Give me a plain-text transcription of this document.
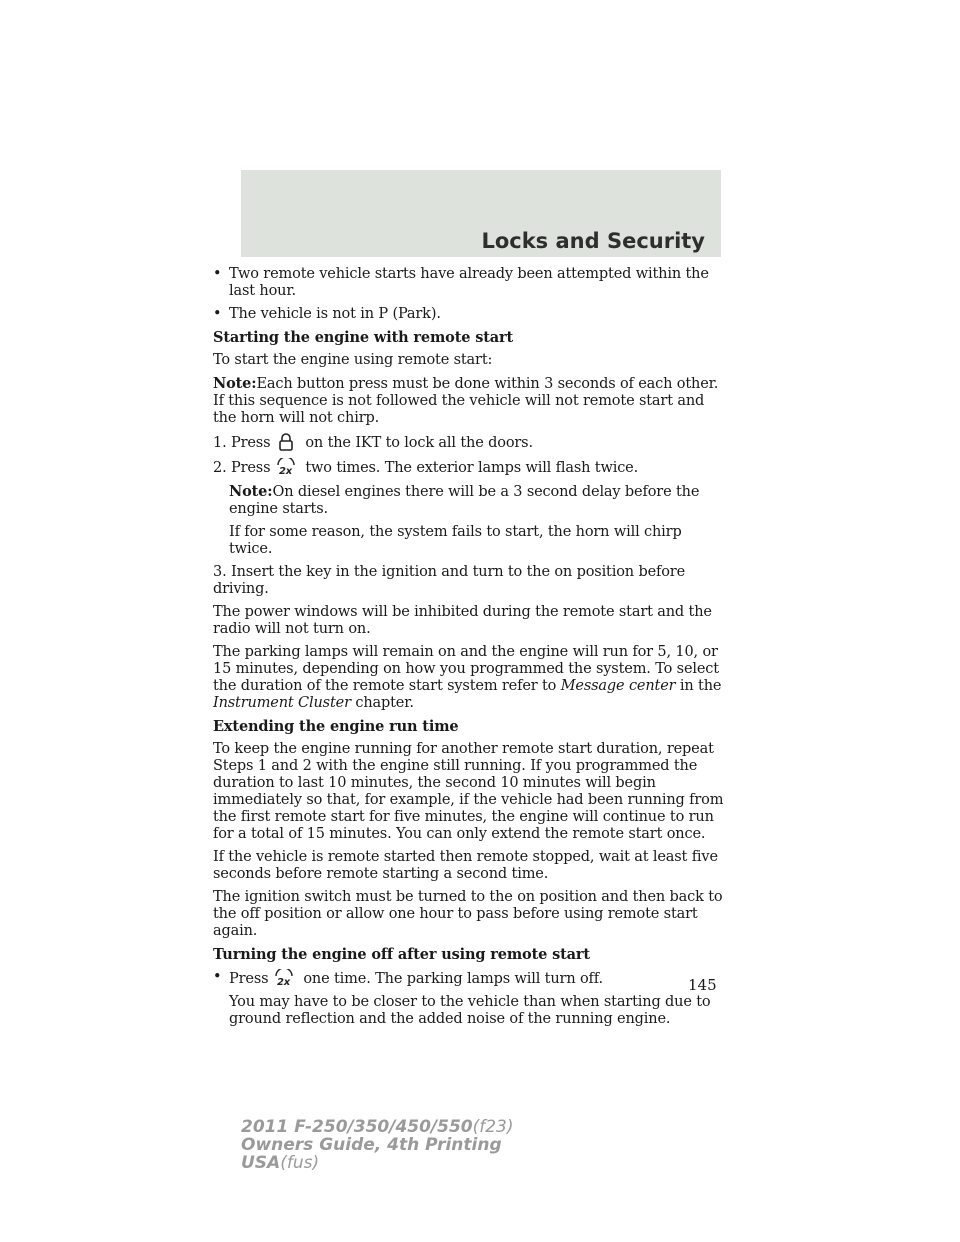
Locks and Security
• Two remote vehicle starts have already been attempted within the last hour.
• The vehicle is not in P (Park).

Starting the engine with remote start

To start the engine using remote start:

Note:Each button press must be done within 3 seconds of each other. If this sequence is not followed the vehicle will not remote start and the horn will not chirp.

1. Press on the IKT to lock all the doors.

2. Press 2x two times. The exterior lamps will flash twice.

Note:On diesel engines there will be a 3 second delay before the engine starts.

If for some reason, the system fails to start, the horn will chirp twice.

3. Insert the key in the ignition and turn to the on position before driving.

The power windows will be inhibited during the remote start and the radio will not turn on.

The parking lamps will remain on and the engine will run for 5, 10, or 15 minutes, depending on how you programmed the system. To select the duration of the remote start system refer to Message center in the Instrument Cluster chapter.

Extending the engine run time

To keep the engine running for another remote start duration, repeat Steps 1 and 2 with the engine still running. If you programmed the duration to last 10 minutes, the second 10 minutes will begin immediately so that, for example, if the vehicle had been running from the first remote start for five minutes, the engine will continue to run for a total of 15 minutes. You can only extend the remote start once.

If the vehicle is remote started then remote stopped, wait at least five seconds before remote starting a second time.

The ignition switch must be turned to the on position and then back to the off position or allow one hour to pass before using remote start again.

Turning the engine off after using remote start

• Press 2x one time. The parking lamps will turn off.

You may have to be closer to the vehicle than when starting due to ground reflection and the added noise of the running engine.

145
2011 F-250/350/450/550(f23)
Owners Guide, 4th Printing
USA(fus)
